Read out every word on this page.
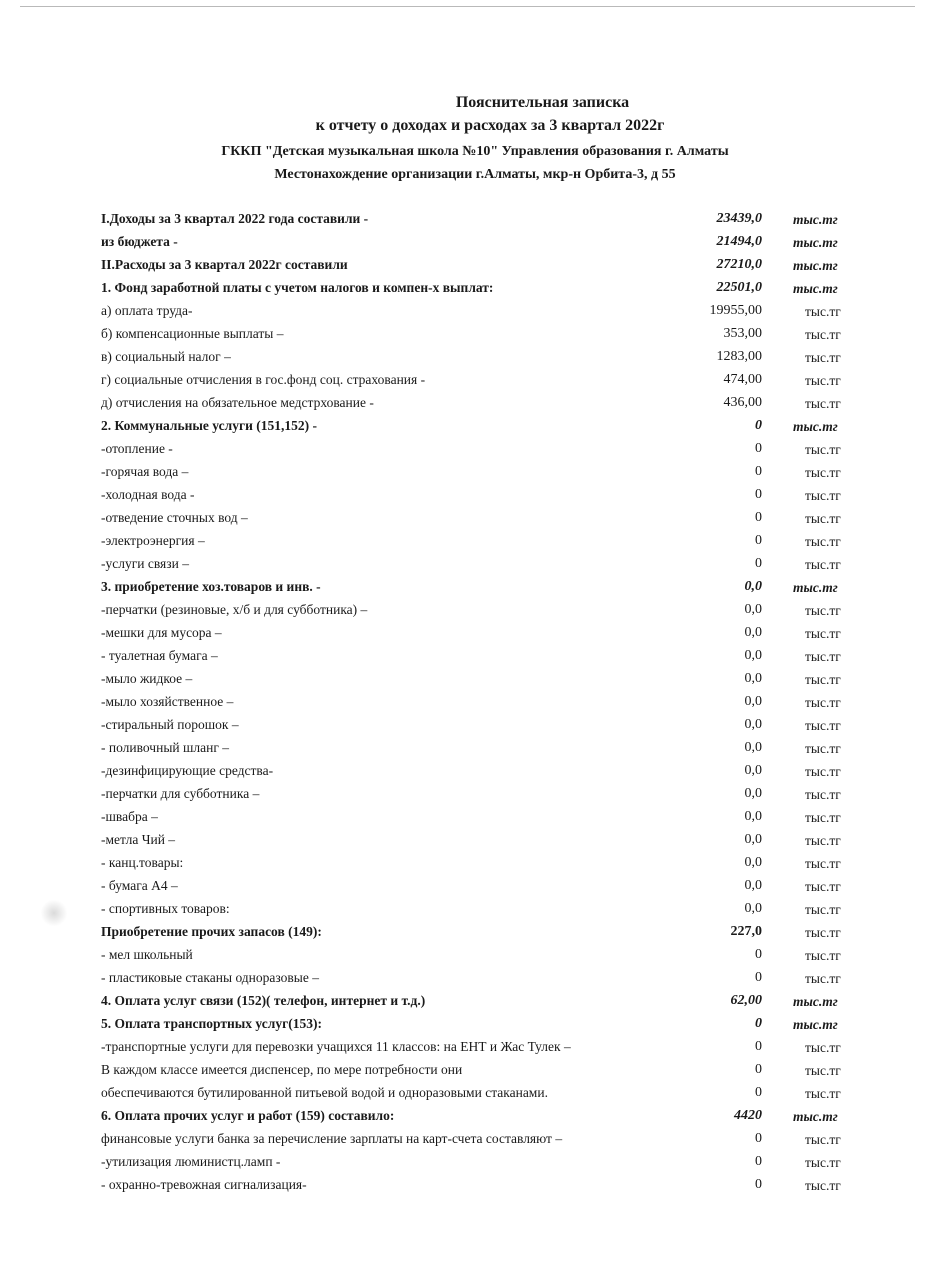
Пояснительная записка
к отчету о доходах и расходах за 3 квартал 2022г
ГККП "Детская музыкальная школа №10" Управления образования г. Алматы
Местонахождение организации г.Алматы, мкр-н Орбита-3, д 55
I.Доходы за 3 квартал 2022 года составили -	23439,0 тыс.тг
из бюджета -	21494,0 тыс.тг
II.Расходы за 3 квартал 2022г составили	27210,0 тыс.тг
1. Фонд заработной платы с учетом налогов и компен-х выплат:	22501,0 тыс.тг
а) оплата труда-	19955,00	тыс.тг
б) компенсационные выплаты –	353,00	тыс.тг
в) социальный налог –	1283,00	тыс.тг
г) социальные отчисления в гос.фонд соц. страхования -	474,00	тыс.тг
д) отчисления на обязательное медстрхование -	436,00	тыс.тг
2. Коммунальные услуги (151,152) -	0 тыс.тг
-отопление -	0	тыс.тг
-горячая вода –	0	тыс.тг
-холодная вода -	0	тыс.тг
-отведение сточных вод –	0	тыс.тг
-электроэнергия –	0	тыс.тг
-услуги связи –	0	тыс.тг
3. приобретение хоз.товаров и инв. -	0,0 тыс.тг
-перчатки (резиновые, х/б и для субботника) –	0,0	тыс.тг
-мешки для мусора –	0,0	тыс.тг
- туалетная бумага –	0,0	тыс.тг
-мыло жидкое –	0,0	тыс.тг
-мыло хозяйственное –	0,0	тыс.тг
-стиральный порошок –	0,0	тыс.тг
- поливочный шланг –	0,0	тыс.тг
-дезинфицирующие средства-	0,0	тыс.тг
-перчатки для субботника –	0,0	тыс.тг
-швабра –	0,0	тыс.тг
-метла Чий –	0,0	тыс.тг
- канц.товары:	0,0	тыс.тг
- бумага А4 –	0,0	тыс.тг
- спортивных товаров:	0,0	тыс.тг
Приобретение прочих запасов (149):	227,0	тыс.тг
- мел школьный	0	тыс.тг
- пластиковые стаканы одноразовые –	0	тыс.тг
4. Оплата услуг связи (152)( телефон, интернет и т.д.)	62,00 тыс.тг
5. Оплата транспортных услуг(153):	0 тыс.тг
-транспортные услуги для перевозки учащихся 11 классов: на ЕНТ и Жас Тулек –	0	тыс.тг
В каждом классе имеется диспенсер, по мере потребности они	0	тыс.тг
обеспечиваются бутилированной питьевой водой и одноразовыми стаканами.	0	тыс.тг
6. Оплата прочих услуг и работ (159) составило:	4420 тыс.тг
финансовые услуги банка за перечисление зарплаты на карт-счета составляют –	0	тыс.тг
-утилизация люминистц.ламп -	0	тыс.тг
- охранно-тревожная сигнализация-	0	тыс.тг
